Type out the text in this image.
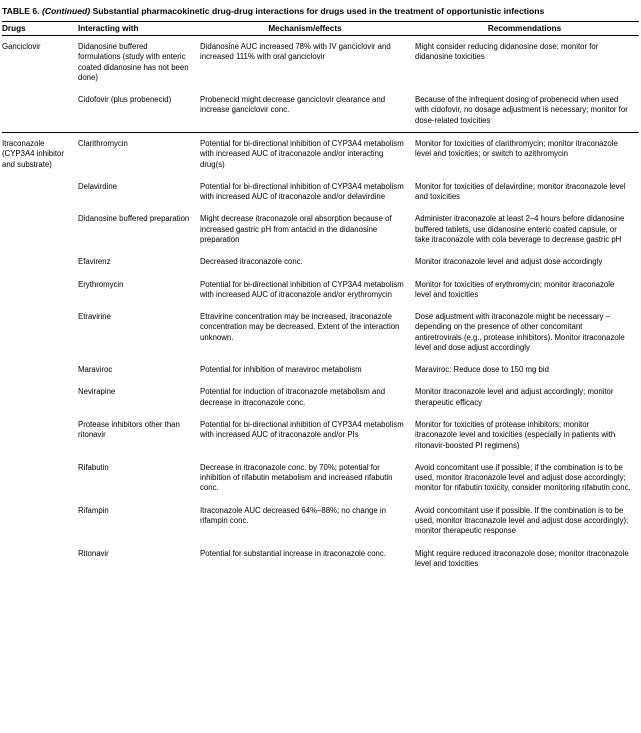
TABLE 6. (Continued) Substantial pharmacokinetic drug-drug interactions for drugs used in the treatment of opportunistic infections
Drugs	Interacting with	Mechanism/effects	Recommendations
Ganciclovir	Didanosine buffered formulations (study with enteric coated didanosine has not been done)	Didanosine AUC increased 78% with IV ganciclovir and increased 111% with oral ganciclovir	Might consider reducing didanosine dose; monitor for didanosine toxicities
	Cidofovir (plus probenecid)	Probenecid might decrease ganciclovir clearance and increase ganciclovir conc.	Because of the infrequent dosing of probenecid when used with cidofovir, no dosage adjustment is necessary; monitor for dose-related toxicities
Itraconazole (CYP3A4 inhibitor and substrate)	Clarithromycin	Potential for bi-directional inhibition of CYP3A4 metabolism with increased AUC of itraconazole and/or interacting drug(s)	Monitor for toxicities of clarithromycin; monitor itraconazole level and toxicities; or switch to azithromycin
	Delavirdine	Potential for bi-directional inhibition of CYP3A4 metabolism with increased AUC of itraconazole and/or delavirdine	Monitor for toxicities of delavirdine; monitor itraconazole level and toxicities
	Didanosine buffered preparation	Might decrease itraconazole oral absorption because of increased gastric pH from antacid in the didanosine preparation	Administer itraconazole at least 2–4 hours before didanosine buffered tablets, use didanosine enteric coated capsule, or take itraconazole with cola beverage to decrease gastric pH
	Efavirenz	Decreased itraconazole conc.	Monitor itraconazole level and adjust dose accordingly
	Erythromycin	Potential for bi-directional inhibition of CYP3A4 metabolism with increased AUC of itraconazole and/or erythromycin	Monitor for toxicities of erythromycin; monitor itraconazole level and toxicities
	Etravirine	Etravirine concentration may be increased, itraconazole concentration may be decreased. Extent of the interaction unknown.	Dose adjustment with itraconazole might be necessary – depending on the presence of other concomitant antiretrovirals (e.g., protease inhibitors). Monitor itraconazole level and dose adjust accordingly
	Maraviroc	Potential for inhibition of maraviroc metabolism	Maraviroc: Reduce dose to 150 mg bid
	Nevirapine	Potential for induction of itraconazole metabolism and decrease in itraconazole conc.	Monitor itraconazole level and adjust accordingly; monitor therapeutic efficacy
	Protease inhibitors other than ritonavir	Potential for bi-directional inhibition of CYP3A4 metabolism with increased AUC of itraconazole and/or PIs	Monitor for toxicities of protease inhibitors; monitor itraconazole level and toxicities (especially in patients with ritonavir-boosted PI regimens)
	Rifabutin	Decrease in itraconazole conc. by 70%; potential for inhibition of rifabutin metabolism and increased rifabutin conc.	Avoid concomitant use if possible; if the combination is to be used, monitor itraconazole level and adjust dose accordingly; monitor for rifabutin toxicity, consider monitoring rifabutin conc.
	Rifampin	Itraconazole AUC decreased 64%–88%; no change in rifampin conc.	Avoid concomitant use if possible. If the combination is to be used, monitor itraconazole level and adjust dose accordingly); monitor therapeutic response
	Ritonavir	Potential for substantial increase in itraconazole conc.	Might require reduced itraconazole dose; monitor itraconazole level and toxicities
